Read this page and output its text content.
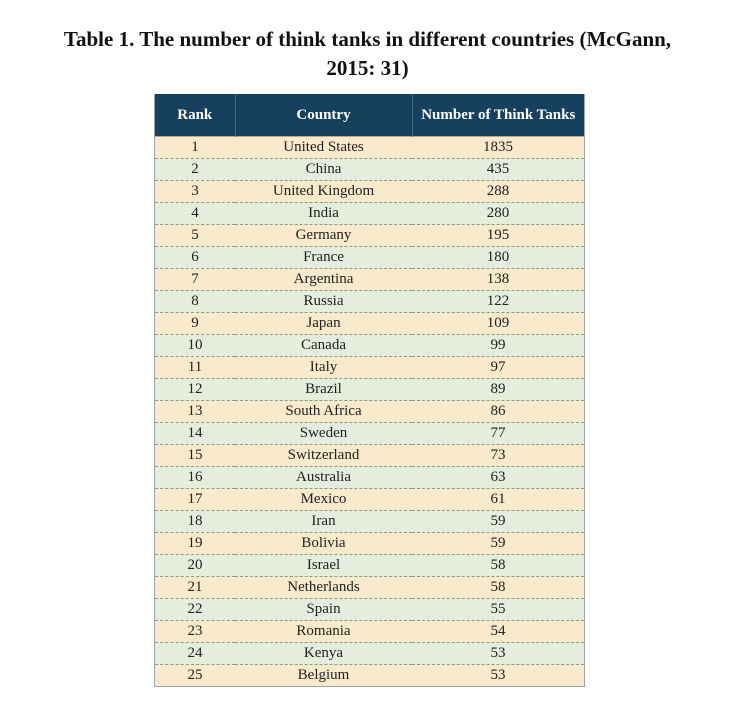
Table 1. The number of think tanks in different countries (McGann,
2015: 31)
Rank	Country	Number of Think Tanks
1	United States	1835
2	China	435
3	United Kingdom	288
4	India	280
5	Germany	195
6	France	180
7	Argentina	138
8	Russia	122
9	Japan	109
10	Canada	99
11	Italy	97
12	Brazil	89
13	South Africa	86
14	Sweden	77
15	Switzerland	73
16	Australia	63
17	Mexico	61
18	Iran	59
19	Bolivia	59
20	Israel	58
21	Netherlands	58
22	Spain	55
23	Romania	54
24	Kenya	53
25	Belgium	53
